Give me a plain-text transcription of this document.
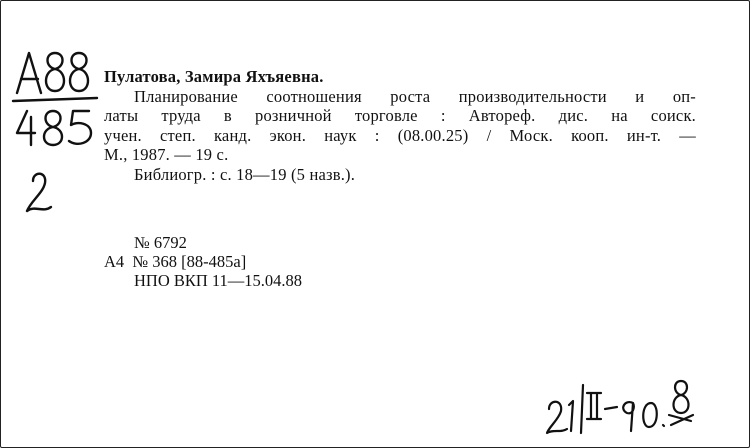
Пулатова, Замира Яхъяевна.
Планирование соотношения роста производительности и оп-
латы труда в розничной торговле : Автореф. дис. на соиск.
учен. степ. канд. экон. наук : (08.00.25) / Моск. кооп. ин-т. —
М., 1987. — 19 с.
Библиогр. : с. 18—19 (5 назв.).
№ 6792
А4 № 368 [88-485а]
НПО ВКП 11—15.04.88
